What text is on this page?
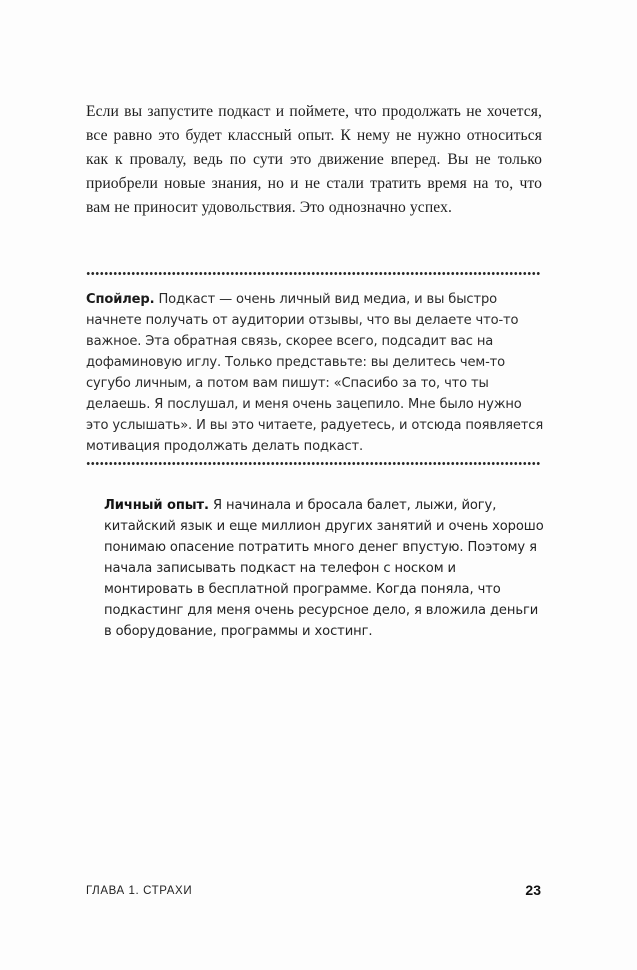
Если вы запустите подкаст и поймете, что продолжать не хочется, все равно это будет классный опыт. К нему не нужно относиться как к провалу, ведь по сути это движение вперед. Вы не только приобрели новые знания, но и не стали тратить время на то, что вам не приносит удовольствия. Это однозначно успех.

Спойлер. Подкаст — очень личный вид медиа, и вы быстро начнете получать от аудитории отзывы, что вы делаете что-то важное. Эта обратная связь, скорее всего, подсадит вас на дофаминовую иглу. Только представьте: вы делитесь чем-то сугубо личным, а потом вам пишут: «Спасибо за то, что ты делаешь. Я послушал, и меня очень зацепило. Мне было нужно это услышать». И вы это читаете, радуетесь, и отсюда появляется мотивация продолжать делать подкаст.

Личный опыт. Я начинала и бросала балет, лыжи, йогу, китайский язык и еще миллион других занятий и очень хорошо понимаю опасение потратить много денег впустую. Поэтому я начала записывать подкаст на телефон с носком и монтировать в бесплатной программе. Когда поняла, что подкастинг для меня очень ресурсное дело, я вложила деньги в оборудование, программы и хостинг.

ГЛАВА 1. СТРАХИ	23
